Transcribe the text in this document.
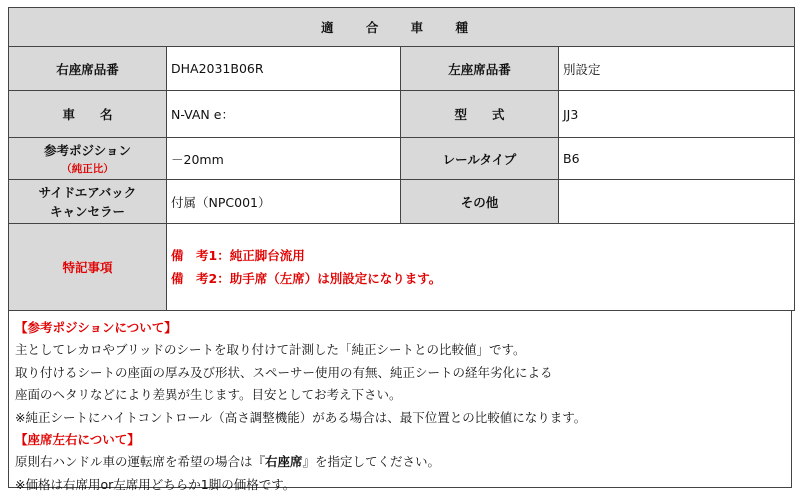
適 合 車 種			
右座席品番	DHA2031B06R	左座席品番	別設定
車　　名	N-VAN e：	型　　式	JJ3
参考ポジション
（純正比）	－20mm	レールタイプ	B6
サイドエアバック
キャンセラー	付属（NPC001）	その他	
特記事項	備　考1：純正脚台流用
備　考2：助手席（左席）は別設定になります。		
【参考ポジションについて】
主としてレカロやブリッドのシートを取り付けて計測した「純正シートとの比較値」です。
取り付けるシートの座面の厚み及び形状、スペーサー使用の有無、純正シートの経年劣化による
座面のヘタリなどにより差異が生じます。目安としてお考え下さい。
※純正シートにハイトコントロール（高さ調整機能）がある場合は、最下位置との比較値になります。
【座席左右について】
原則右ハンドル車の運転席を希望の場合は『右座席』を指定してください。
※価格は右席用or左席用どちらか1脚の価格です。
